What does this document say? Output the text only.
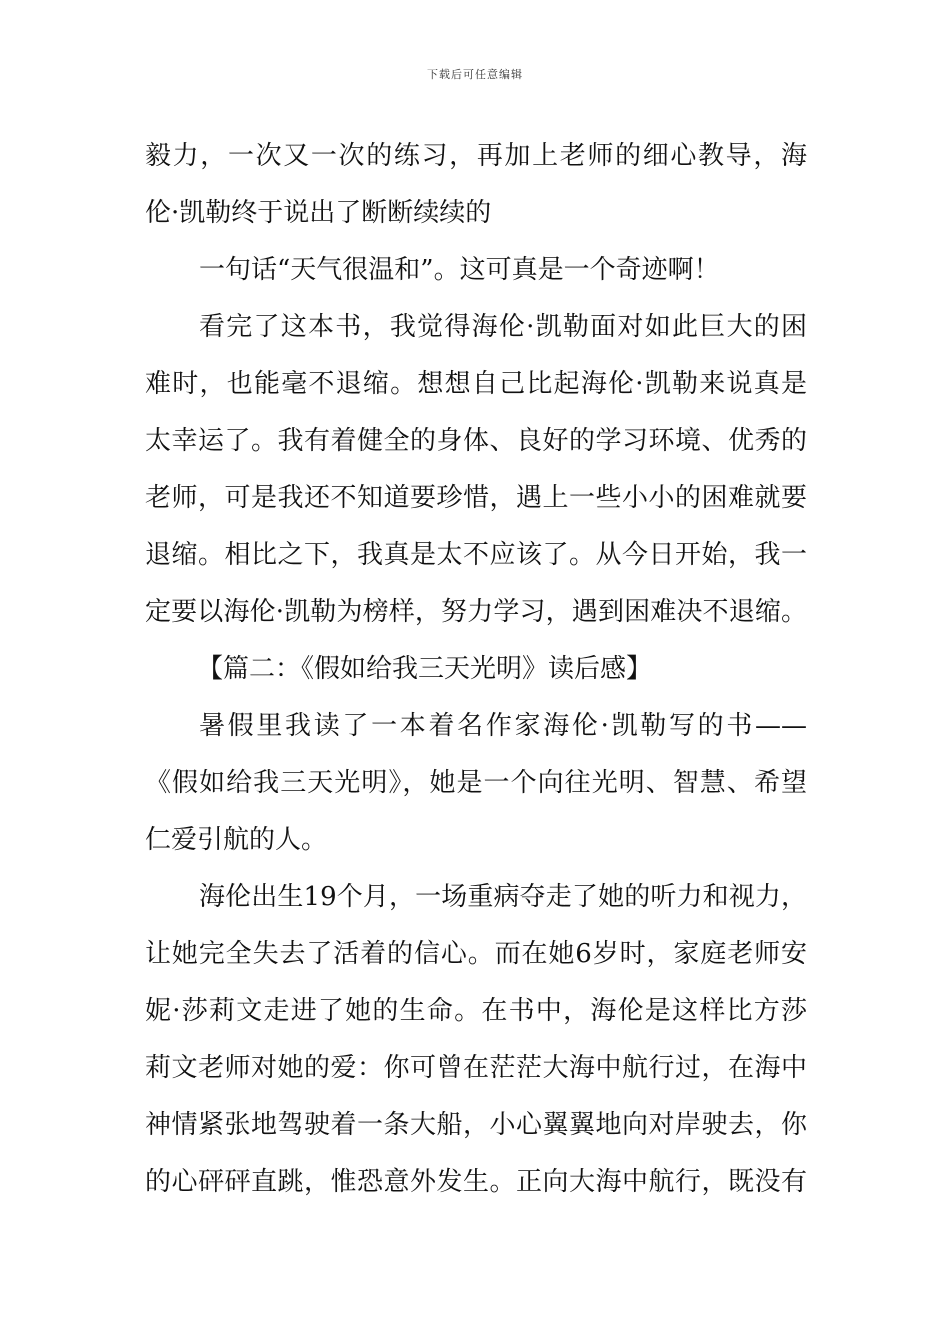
下载后可任意编辑
毅力，一次又一次的练习，再加上老师的细心教导，海
伦·凯勒终于说出了断断续续的
一句话“天气很温和”。这可真是一个奇迹啊！
看完了这本书，我觉得海伦·凯勒面对如此巨大的困
难时，也能毫不退缩。想想自己比起海伦·凯勒来说真是
太幸运了。我有着健全的身体、良好的学习环境、优秀的
老师，可是我还不知道要珍惜，遇上一些小小的困难就要
退缩。相比之下，我真是太不应该了。从今日开始，我一
定要以海伦·凯勒为榜样，努力学习，遇到困难决不退缩。
【篇二：《假如给我三天光明》读后感】
暑假里我读了一本着名作家海伦·凯勒写的书——
《假如给我三天光明》，她是一个向往光明、智慧、希望
仁爱引航的人。
海伦出生19个月，一场重病夺走了她的听力和视力，
让她完全失去了活着的信心。而在她6岁时，家庭老师安
妮·莎莉文走进了她的生命。在书中，海伦是这样比方莎
莉文老师对她的爱：你可曾在茫茫大海中航行过，在海中
神情紧张地驾驶着一条大船，小心翼翼地向对岸驶去，你
的心砰砰直跳，惟恐意外发生。正向大海中航行，既没有
